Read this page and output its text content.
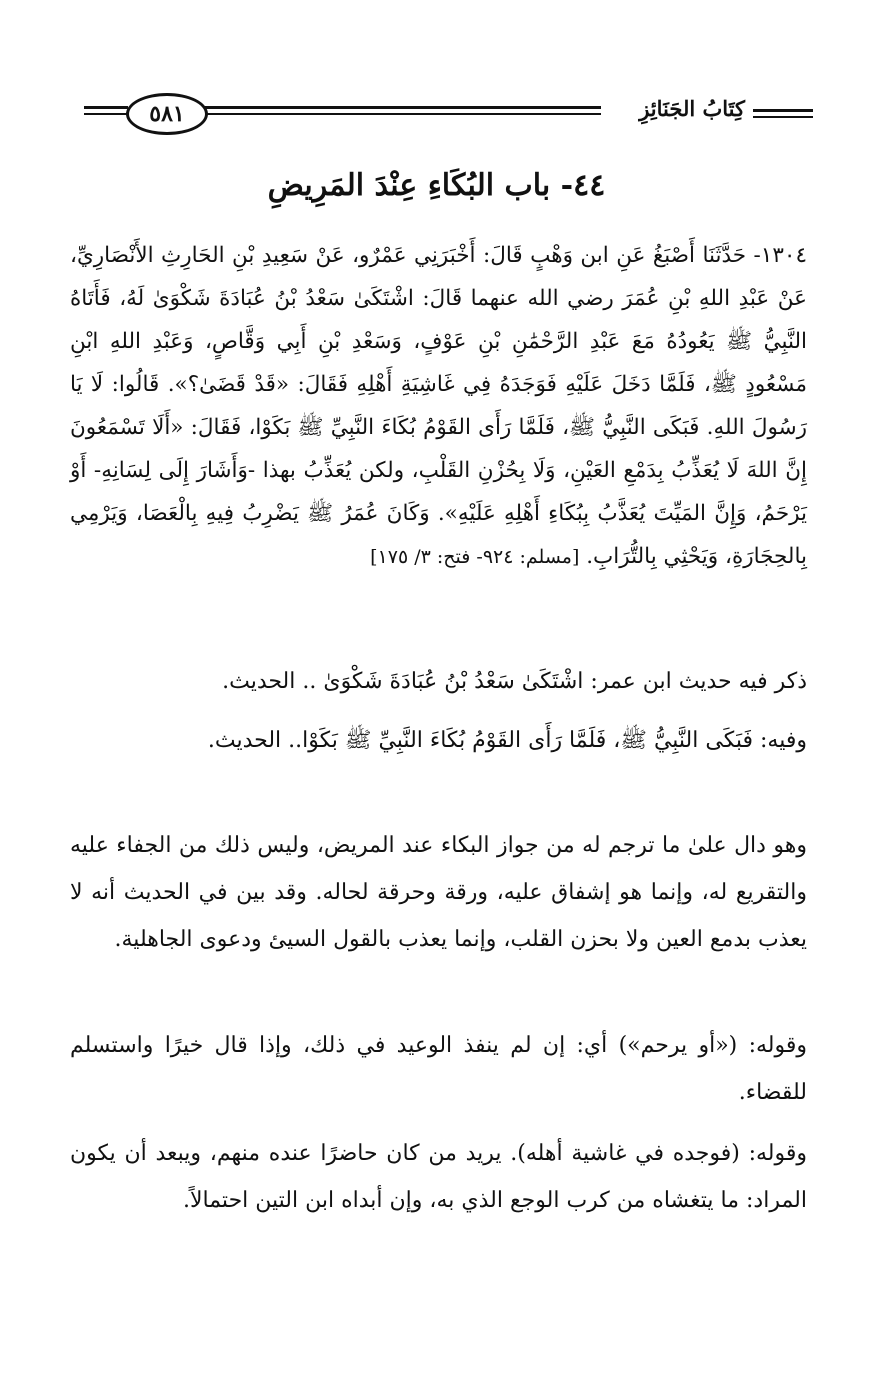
كِتَابُ الجَنَائِزِ
٥٨١
٤٤- باب البُكَاءِ عِنْدَ المَرِيضِ
١٣٠٤- حَدَّثَنَا أَصْبَغُ عَنِ ابن وَهْبٍ قَالَ: أَخْبَرَنِي عَمْرٌو، عَنْ سَعِيدِ بْنِ الحَارِثِ الأَنْصَارِيِّ، عَنْ عَبْدِ اللهِ بْنِ عُمَرَ رضي الله عنهما قَالَ: اشْتَكَىٰ سَعْدُ بْنُ عُبَادَةَ شَكْوَىٰ لَهُ، فَأَتَاهُ النَّبِيُّ ﷺ يَعُودُهُ مَعَ عَبْدِ الرَّحْمَٰنِ بْنِ عَوْفٍ، وَسَعْدِ بْنِ أَبِي وَقَّاصٍ، وَعَبْدِ اللهِ ابْنِ مَسْعُودٍ ﷺ، فَلَمَّا دَخَلَ عَلَيْهِ فَوَجَدَهُ فِي غَاشِيَةِ أَهْلِهِ فَقَالَ: «قَدْ قَضَىٰ؟». قَالُوا: لَا يَا رَسُولَ اللهِ. فَبَكَى النَّبِيُّ ﷺ، فَلَمَّا رَأَى القَوْمُ بُكَاءَ النَّبِيِّ ﷺ بَكَوْا، فَقَالَ: «أَلَا تَسْمَعُونَ إِنَّ اللهَ لَا يُعَذِّبُ بِدَمْعِ العَيْنِ، وَلَا بِحُزْنِ القَلْبِ، ولكن يُعَذِّبُ بهذا -وَأَشَارَ إِلَى لِسَانِهِ- أَوْ يَرْحَمُ، وَإِنَّ المَيِّتَ يُعَذَّبُ بِبُكَاءِ أَهْلِهِ عَلَيْهِ». وَكَانَ عُمَرُ ﷺ يَضْرِبُ فِيهِ بِالْعَصَا، وَيَرْمِي بِالحِجَارَةِ، وَيَحْثِي بِالتُّرَابِ. [مسلم: ٩٢٤- فتح: ٣/ ١٧٥]
ذكر فيه حديث ابن عمر: اشْتَكَىٰ سَعْدُ بْنُ عُبَادَةَ شَكْوَىٰ .. الحديث.
وفيه: فَبَكَى النَّبِيُّ ﷺ، فَلَمَّا رَأَى القَوْمُ بُكَاءَ النَّبِيِّ ﷺ بَكَوْا.. الحديث.
وهو دال علىٰ ما ترجم له من جواز البكاء عند المريض، وليس ذلك من الجفاء عليه والتقريع له، وإنما هو إشفاق عليه، ورقة وحرقة لحاله. وقد بين في الحديث أنه لا يعذب بدمع العين ولا بحزن القلب، وإنما يعذب بالقول السيئ ودعوى الجاهلية.
وقوله: («أو يرحم») أي: إن لم ينفذ الوعيد في ذلك، وإذا قال خيرًا واستسلم للقضاء.
وقوله: (فوجده في غاشية أهله). يريد من كان حاضرًا عنده منهم، ويبعد أن يكون المراد: ما يتغشاه من كرب الوجع الذي به، وإن أبداه ابن التين احتمالاً.
